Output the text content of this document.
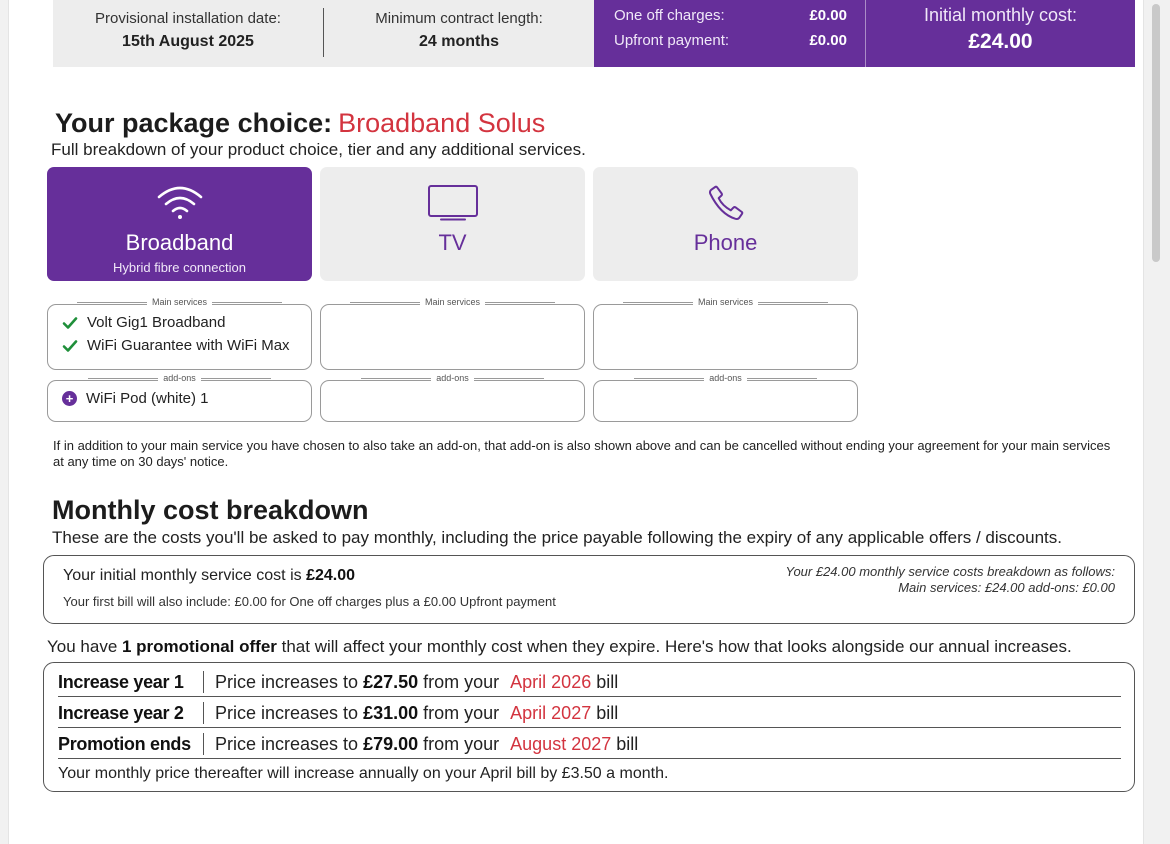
Provisional installation date:
15th August 2025
Minimum contract length:
24 months
One off charges:	£0.00
Upfront payment:	£0.00
Initial monthly cost:
£24.00
Your package choice: Broadband Solus
Full breakdown of your product choice, tier and any additional services.
Broadband
Hybrid fibre connection
TV	Phone
Main services
Volt Gig1 Broadband
WiFi Guarantee with WiFi Max
Main services	Main services
add-ons
+ WiFi Pod (white) 1
add-ons	add-ons
If in addition to your main service you have chosen to also take an add-on, that add-on is also shown above and can be cancelled without ending your agreement for your main services at any time on 30 days' notice.
Monthly cost breakdown
These are the costs you'll be asked to pay monthly, including the price payable following the expiry of any applicable offers / discounts.
Your initial monthly service cost is £24.00
Your first bill will also include: £0.00 for One off charges plus a £0.00 Upfront payment
Your £24.00 monthly service costs breakdown as follows:
Main services: £24.00 add-ons: £0.00
You have 1 promotional offer that will affect your monthly cost when they expire. Here's how that looks alongside our annual increases.
Increase year 1	Price increases to £27.50 from your April 2026 bill
Increase year 2	Price increases to £31.00 from your April 2027 bill
Promotion ends	Price increases to £79.00 from your August 2027 bill
Your monthly price thereafter will increase annually on your April bill by £3.50 a month.
